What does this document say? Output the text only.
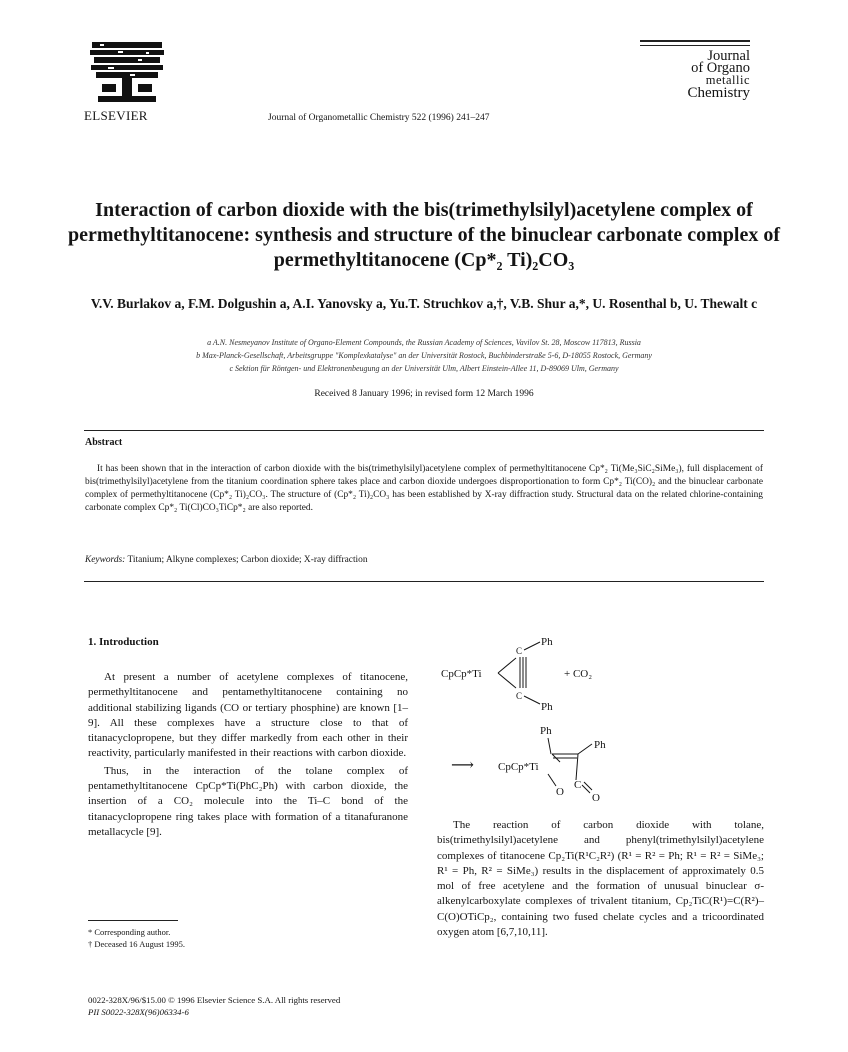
ELSEVIER	Journal of Organometallic Chemistry 522 (1996) 241–247
Journal
of Organo
metallic
Chemistry
Interaction of carbon dioxide with the bis(trimethylsilyl)acetylene complex of permethyltitanocene: synthesis and structure of the binuclear carbonate complex of permethyltitanocene (Cp*₂ Ti)₂CO₃
V.V. Burlakov a, F.M. Dolgushin a, A.I. Yanovsky a, Yu.T. Struchkov a,†, V.B. Shur a,*, U. Rosenthal b, U. Thewalt c
a A.N. Nesmeyanov Institute of Organo-Element Compounds, the Russian Academy of Sciences, Vavilov St. 28, Moscow 117813, Russia
b Max-Planck-Gesellschaft, Arbeitsgruppe "Komplexkatalyse" an der Universität Rostock, Buchbinderstraße 5-6, D-18055 Rostock, Germany
c Sektion für Röntgen- und Elektronenbeugung an der Universität Ulm, Albert Einstein-Allee 11, D-89069 Ulm, Germany
Received 8 January 1996; in revised form 12 March 1996
Abstract
It has been shown that in the interaction of carbon dioxide with the bis(trimethylsilyl)acetylene complex of permethyltitanocene Cp*₂ Ti(Me₃SiC₂SiMe₃), full displacement of bis(trimethylsilyl)acetylene from the titanium coordination sphere takes place and carbon dioxide undergoes disproportionation to form Cp*₂ Ti(CO)₂ and the binuclear carbonate complex of permethyltitanocene (Cp*₂ Ti)₂CO₃. The structure of (Cp*₂ Ti)₂CO₃ has been established by X-ray diffraction study. Structural data on the related chlorine-containing carbonate complex Cp*₂ Ti(Cl)CO₃TiCp*₂ are also reported.
Keywords: Titanium; Alkyne complexes; Carbon dioxide; X-ray diffraction
1. Introduction

At present a number of acetylene complexes of titanocene, permethyltitanocene and pentamethyltitanocene containing no additional stabilizing ligands (CO or tertiary phosphine) are known [1–9]. All these complexes have a structure close to that of titanacyclopropene, but they differ markedly from each other in their reactivity, particularly manifested in their reactions with carbon dioxide.

Thus, in the interaction of the tolane complex of pentamethyltitanocene CpCp*Ti(PhC₂Ph) with carbon dioxide, the insertion of a CO₂ molecule into the Ti–C bond of the titanacyclopropene ring takes place with formation of a titanafuranone metallacycle [9].

CpCp*Ti
C
C
Ph
Ph
+ CO₂
⟶ CpCp*Ti
Ph
Ph
O
C
O

The reaction of carbon dioxide with tolane, bis(trimethylsilyl)acetylene and phenyl(trimethylsilyl)acetylene complexes of titanocene Cp₂Ti(R¹C₂R²) (R¹ = R² = Ph; R¹ = R² = SiMe₃; R¹ = Ph, R² = SiMe₃) results in the displacement of approximately 0.5 mol of free acetylene and the formation of unusual binuclear σ-alkenylcarboxylate complexes of trivalent titanium, Cp₂TiC(R¹)=C(R²)–C(O)OTiCp₂, containing two fused chelate cycles and a tricoordinated oxygen atom [6,7,10,11].

* Corresponding author.
† Deceased 16 August 1995.
0022-328X/96/$15.00 © 1996 Elsevier Science S.A. All rights reserved
PII S0022-328X(96)06334-6
